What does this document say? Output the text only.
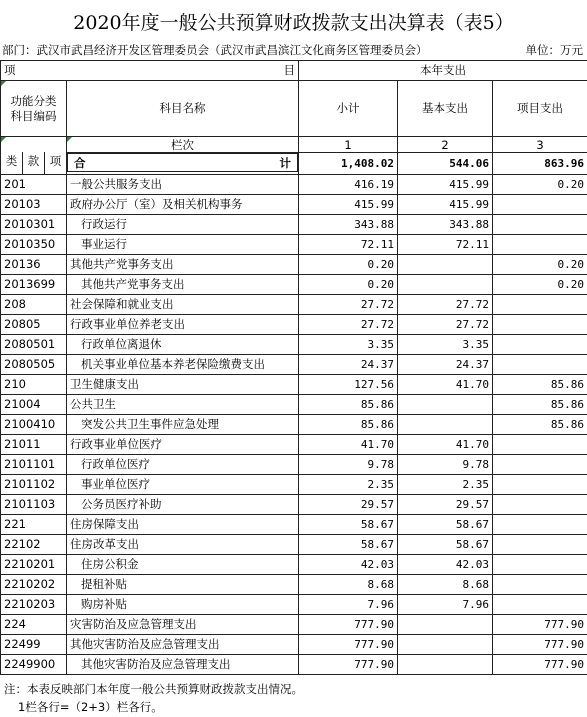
2020年度一般公共预算财政拨款支出决算表（表5）
部门：武汉市武昌经济开发区管理委员会（武汉市武昌滨江文化商务区管理委员会）	单位：万元
项	目	本年支出		
功能分类
科目编码	科目名称	小计	基本支出	项目支出

类 款 项	栏次	1	2	3

合	计	1,408.02	544.06	863.96
201	一般公共服务支出	416.19	415.99	0.20
20103	政府办公厅（室）及相关机构事务	415.99	415.99	
2010301	行政运行	343.88	343.88	
2010350	事业运行	72.11	72.11	
20136	其他共产党事务支出	0.20		0.20
2013699	其他共产党事务支出	0.20		0.20
208	社会保障和就业支出	27.72	27.72	
20805	行政事业单位养老支出	27.72	27.72	
2080501	行政单位离退休	3.35	3.35	
2080505	机关事业单位基本养老保险缴费支出	24.37	24.37	
210	卫生健康支出	127.56	41.70	85.86
21004	公共卫生	85.86		85.86
2100410	突发公共卫生事件应急处理	85.86		85.86
21011	行政事业单位医疗	41.70	41.70	
2101101	行政单位医疗	9.78	9.78	
2101102	事业单位医疗	2.35	2.35	
2101103	公务员医疗补助	29.57	29.57	
221	住房保障支出	58.67	58.67	
22102	住房改革支出	58.67	58.67	
2210201	住房公积金	42.03	42.03	
2210202	提租补贴	8.68	8.68	
2210203	购房补贴	7.96	7.96	
224	灾害防治及应急管理支出	777.90		777.90
22499	其他灾害防治及应急管理支出	777.90		777.90
2249900	其他灾害防治及应急管理支出	777.90		777.90
注：本表反映部门本年度一般公共预算财政拨款支出情况。
1栏各行=（2+3）栏各行。
